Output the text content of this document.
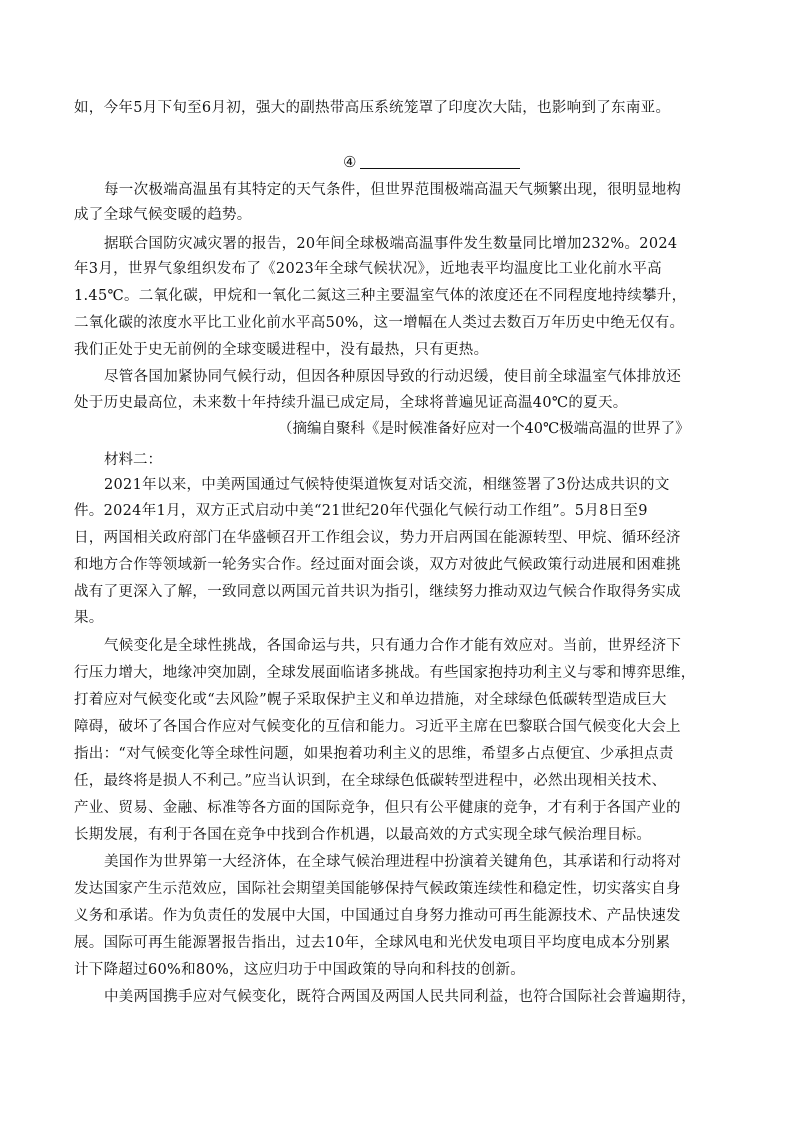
如，今年5月下旬至6月初，强大的副热带高压系统笼罩了印度次大陆，也影响到了东南亚。
④
每一次极端高温虽有其特定的天气条件，但世界范围极端高温天气频繁出现，很明显地构
成了全球气候变暖的趋势。
据联合国防灾减灾署的报告，20年间全球极端高温事件发生数量同比增加232%。2024
年3月，世界气象组织发布了《2023年全球气候状况》，近地表平均温度比工业化前水平高
1.45℃。二氧化碳，甲烷和一氧化二氮这三种主要温室气体的浓度还在不同程度地持续攀升，
二氧化碳的浓度水平比工业化前水平高50%，这一增幅在人类过去数百万年历史中绝无仅有。
我们正处于史无前例的全球变暖进程中，没有最热，只有更热。
尽管各国加紧协同气候行动，但因各种原因导致的行动迟缓，使目前全球温室气体排放还
处于历史最高位，未来数十年持续升温已成定局，全球将普遍见证高温40℃的夏天。
（摘编自聚科《是时候准备好应对一个40℃极端高温的世界了》
材料二：
2021年以来，中美两国通过气候特使渠道恢复对话交流，相继签署了3份达成共识的文
件。2024年1月，双方正式启动中美“21世纪20年代强化气候行动工作组”。5月8日至9
日，两国相关政府部门在华盛顿召开工作组会议，势力开启两国在能源转型、甲烷、循环经济
和地方合作等领域新一轮务实合作。经过面对面会谈，双方对彼此气候政策行动进展和困难挑
战有了更深入了解，一致同意以两国元首共识为指引，继续努力推动双边气候合作取得务实成
果。
气候变化是全球性挑战，各国命运与共，只有通力合作才能有效应对。当前，世界经济下
行压力增大，地缘冲突加剧，全球发展面临诸多挑战。有些国家抱持功利主义与零和博弈思维，
打着应对气候变化或“去风险”幌子采取保护主义和单边措施，对全球绿色低碳转型造成巨大
障碍，破坏了各国合作应对气候变化的互信和能力。习近平主席在巴黎联合国气候变化大会上
指出：“对气候变化等全球性问题，如果抱着功利主义的思维，希望多占点便宜、少承担点责
任，最终将是损人不利己。”应当认识到，在全球绿色低碳转型进程中，必然出现相关技术、
产业、贸易、金融、标准等各方面的国际竞争，但只有公平健康的竞争，才有利于各国产业的
长期发展，有利于各国在竞争中找到合作机遇，以最高效的方式实现全球气候治理目标。
美国作为世界第一大经济体，在全球气候治理进程中扮演着关键角色，其承诺和行动将对
发达国家产生示范效应，国际社会期望美国能够保持气候政策连续性和稳定性，切实落实自身
义务和承诺。作为负责任的发展中大国，中国通过自身努力推动可再生能源技术、产品快速发
展。国际可再生能源署报告指出，过去10年，全球风电和光伏发电项目平均度电成本分别累
计下降超过60%和80%，这应归功于中国政策的导向和科技的创新。
中美两国携手应对气候变化，既符合两国及两国人民共同利益，也符合国际社会普遍期待，
